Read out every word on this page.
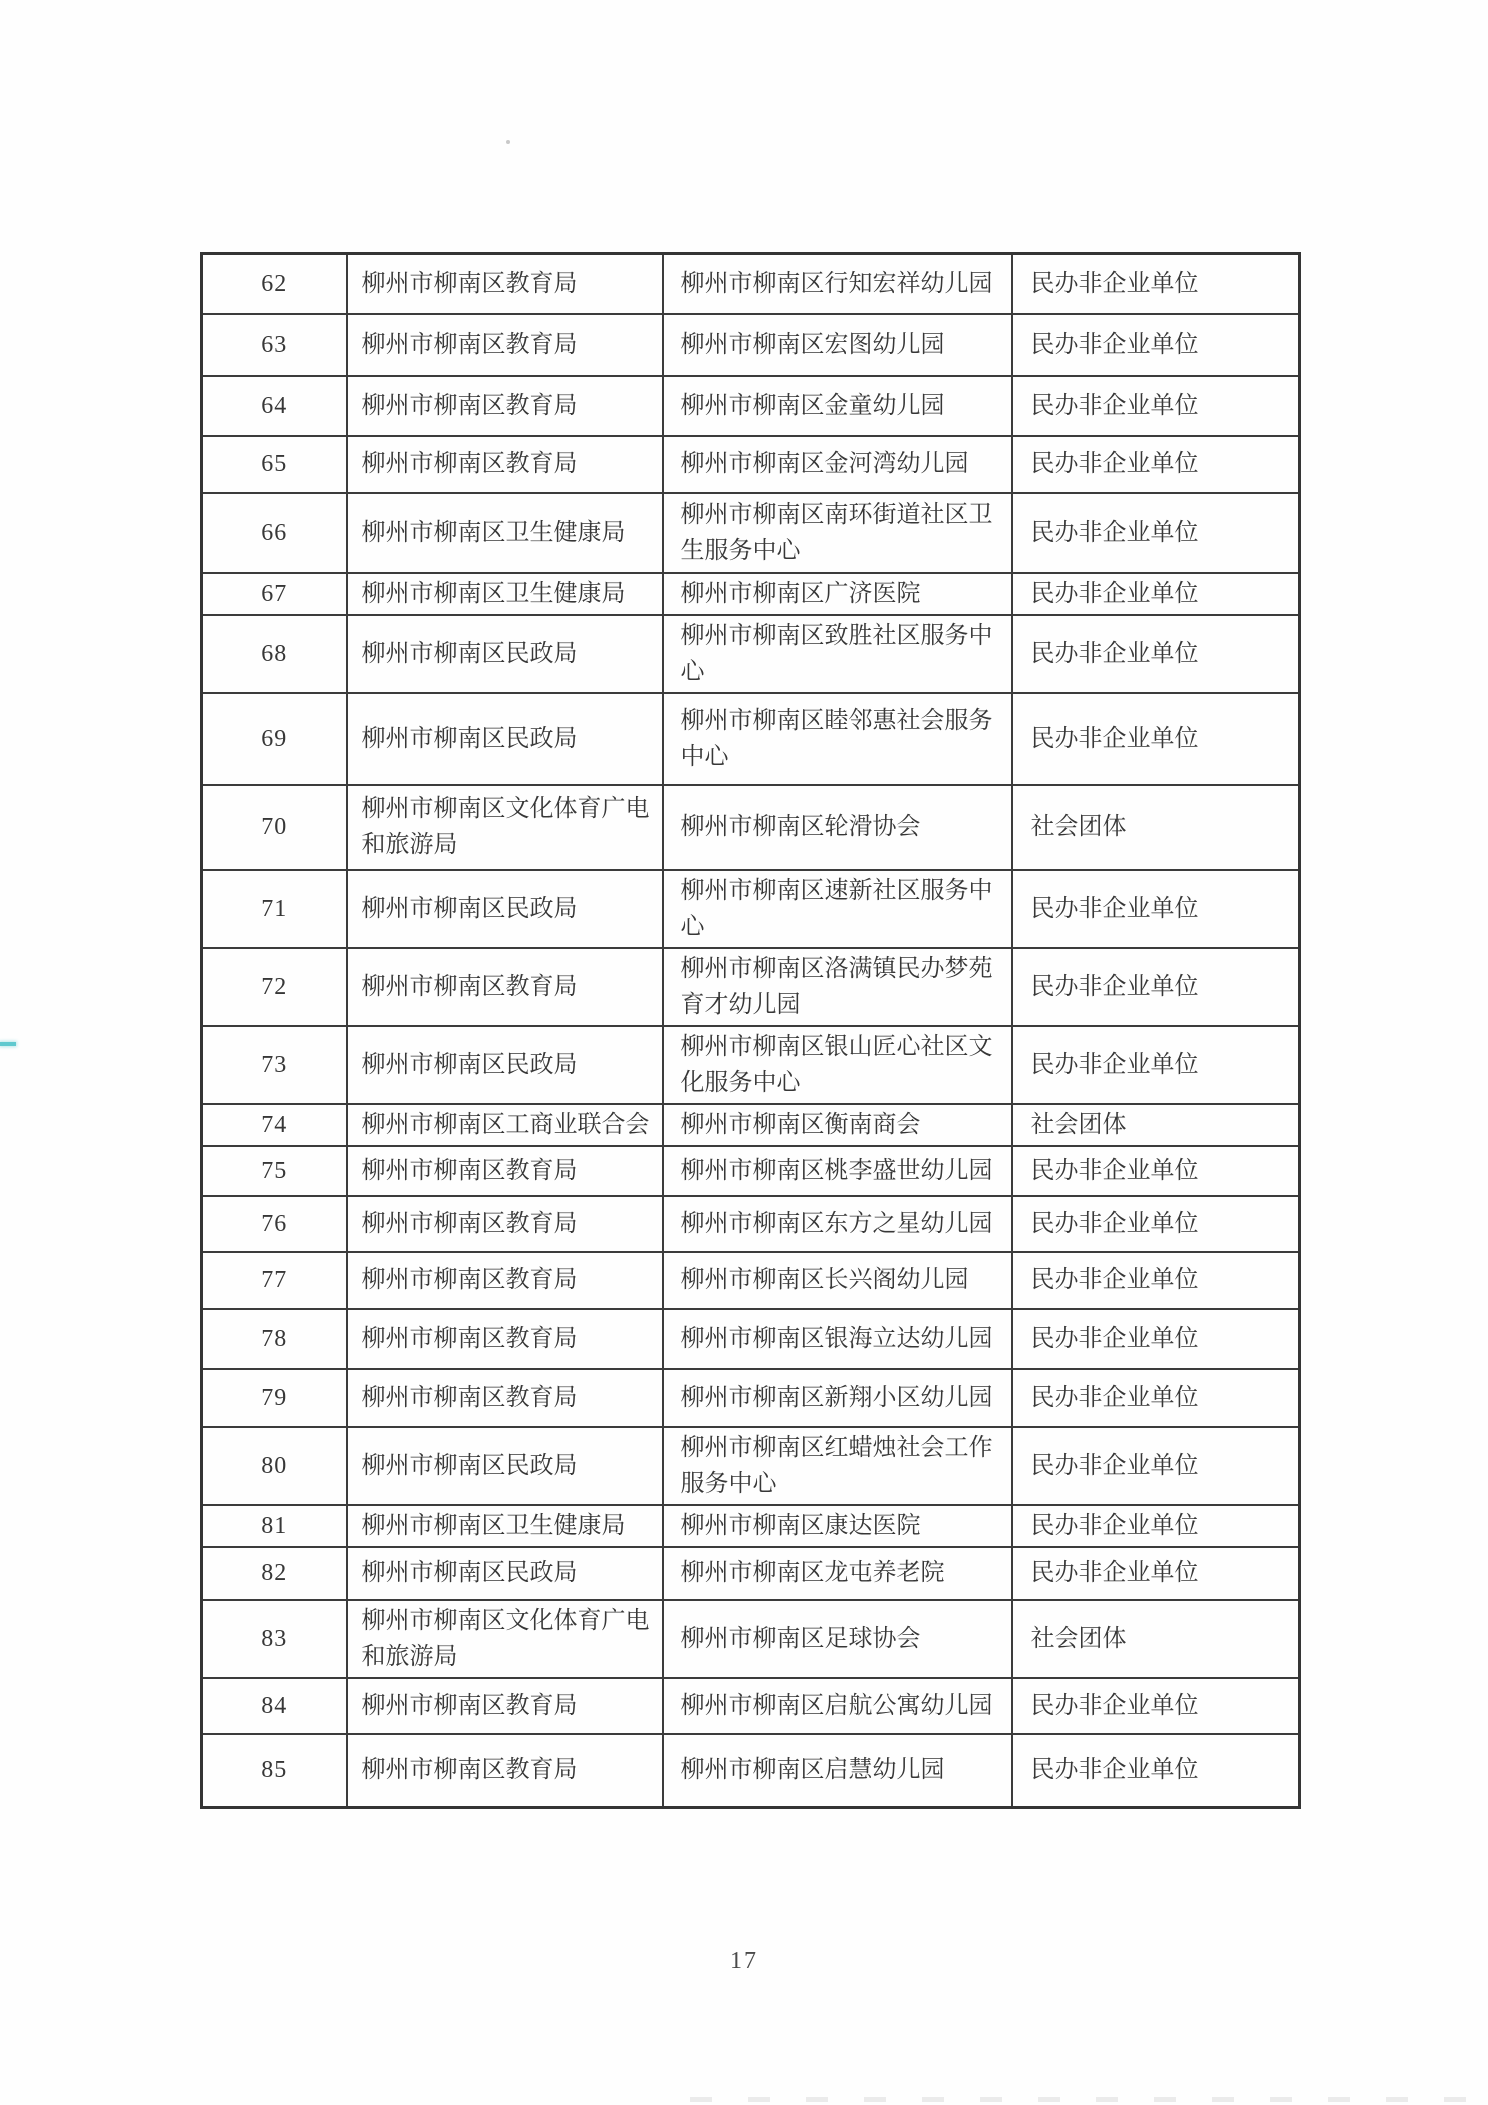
62	柳州市柳南区教育局	柳州市柳南区行知宏祥幼儿园	民办非企业单位
63	柳州市柳南区教育局	柳州市柳南区宏图幼儿园	民办非企业单位
64	柳州市柳南区教育局	柳州市柳南区金童幼儿园	民办非企业单位
65	柳州市柳南区教育局	柳州市柳南区金河湾幼儿园	民办非企业单位
66	柳州市柳南区卫生健康局	柳州市柳南区南环街道社区卫生服务中心	民办非企业单位
67	柳州市柳南区卫生健康局	柳州市柳南区广济医院	民办非企业单位
68	柳州市柳南区民政局	柳州市柳南区致胜社区服务中心	民办非企业单位
69	柳州市柳南区民政局	柳州市柳南区睦邻惠社会服务中心	民办非企业单位
70	柳州市柳南区文化体育广电和旅游局	柳州市柳南区轮滑协会	社会团体
71	柳州市柳南区民政局	柳州市柳南区速新社区服务中心	民办非企业单位
72	柳州市柳南区教育局	柳州市柳南区洛满镇民办梦苑育才幼儿园	民办非企业单位
73	柳州市柳南区民政局	柳州市柳南区银山匠心社区文化服务中心	民办非企业单位
74	柳州市柳南区工商业联合会	柳州市柳南区衡南商会	社会团体
75	柳州市柳南区教育局	柳州市柳南区桃李盛世幼儿园	民办非企业单位
76	柳州市柳南区教育局	柳州市柳南区东方之星幼儿园	民办非企业单位
77	柳州市柳南区教育局	柳州市柳南区长兴阁幼儿园	民办非企业单位
78	柳州市柳南区教育局	柳州市柳南区银海立达幼儿园	民办非企业单位
79	柳州市柳南区教育局	柳州市柳南区新翔小区幼儿园	民办非企业单位
80	柳州市柳南区民政局	柳州市柳南区红蜡烛社会工作服务中心	民办非企业单位
81	柳州市柳南区卫生健康局	柳州市柳南区康达医院	民办非企业单位
82	柳州市柳南区民政局	柳州市柳南区龙屯养老院	民办非企业单位
83	柳州市柳南区文化体育广电和旅游局	柳州市柳南区足球协会	社会团体
84	柳州市柳南区教育局	柳州市柳南区启航公寓幼儿园	民办非企业单位
85	柳州市柳南区教育局	柳州市柳南区启慧幼儿园	民办非企业单位
17
